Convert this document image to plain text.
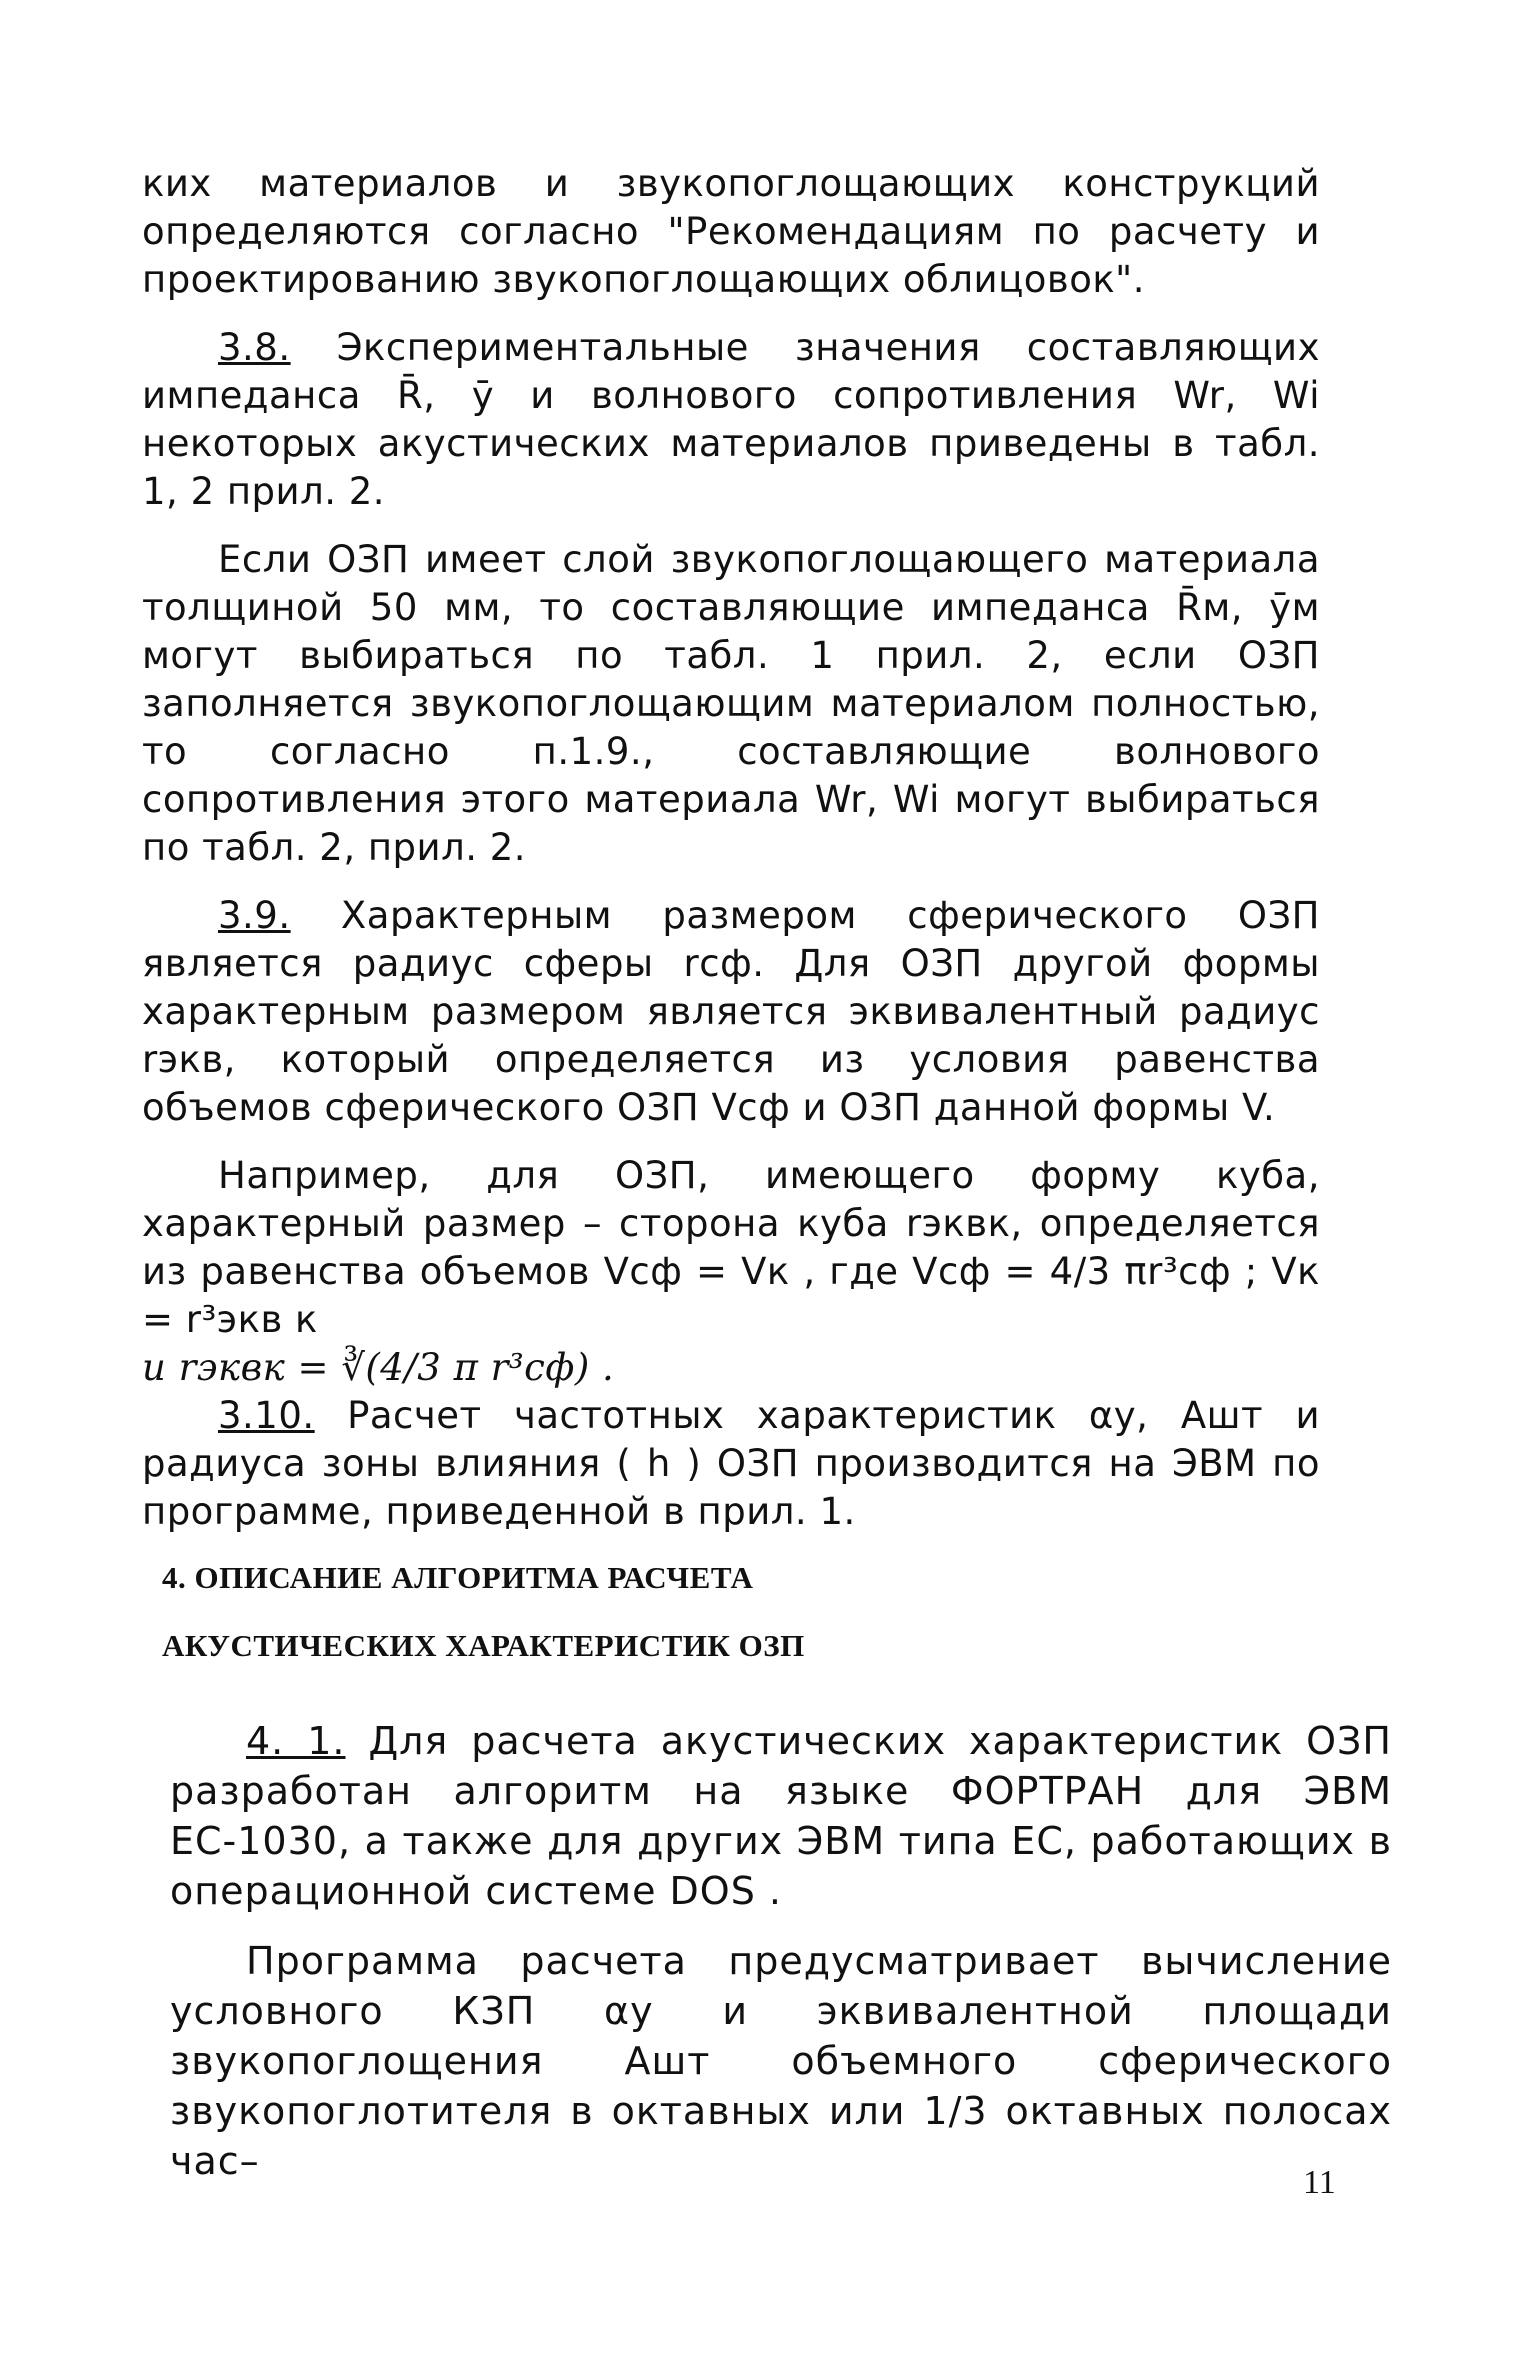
ких материалов и звукопоглощающих конструкций определяются согласно "Рекомендациям по расчету и проектированию звукопоглощающих облицовок".

3.8. Экспериментальные значения составляющих импеданса R̄, ȳ и волнового сопротивления Wr, Wi некоторых акустических материалов приведены в табл. 1, 2 прил. 2.

Если ОЗП имеет слой звукопоглощающего материала толщиной 50 мм, то составляющие импеданса R̄м, ȳм могут выбираться по табл. 1 прил. 2, если ОЗП заполняется звукопоглощающим материалом полностью, то согласно п.1.9., составляющие волнового сопротивления этого материала Wr, Wi могут выбираться по табл. 2, прил. 2.

3.9. Характерным размером сферического ОЗП является радиус сферы rсф. Для ОЗП другой формы характерным размером является эквивалентный радиус rэкв, который определяется из условия равенства объемов сферического ОЗП Vсф и ОЗП данной формы V.

Например, для ОЗП, имеющего форму куба, характерный размер – сторона куба rэквк, определяется из равенства объемов Vсф = Vк , где Vсф = 4/3 πr³сф ; Vк = r³экв к

и rэквк = ∛(4/3 π r³сф) .

3.10. Расчет частотных характеристик αу, Aшт и радиуса зоны влияния ( h ) ОЗП производится на ЭВМ по программе, приведенной в прил. 1.

4. ОПИСАНИЕ АЛГОРИТМА РАСЧЕТА
АКУСТИЧЕСКИХ ХАРАКТЕРИСТИК ОЗП

4. 1. Для расчета акустических характеристик ОЗП разработан алгоритм на языке ФОРТРАН для ЭВМ ЕС-1030, а также для других ЭВМ типа ЕС, работающих в операционной системе DOS .

Программа расчета предусматривает вычисление условного КЗП αу и эквивалентной площади звукопоглощения Aшт объемного сферического звукопоглотителя в октавных или 1/3 октавных полосах час–	11
